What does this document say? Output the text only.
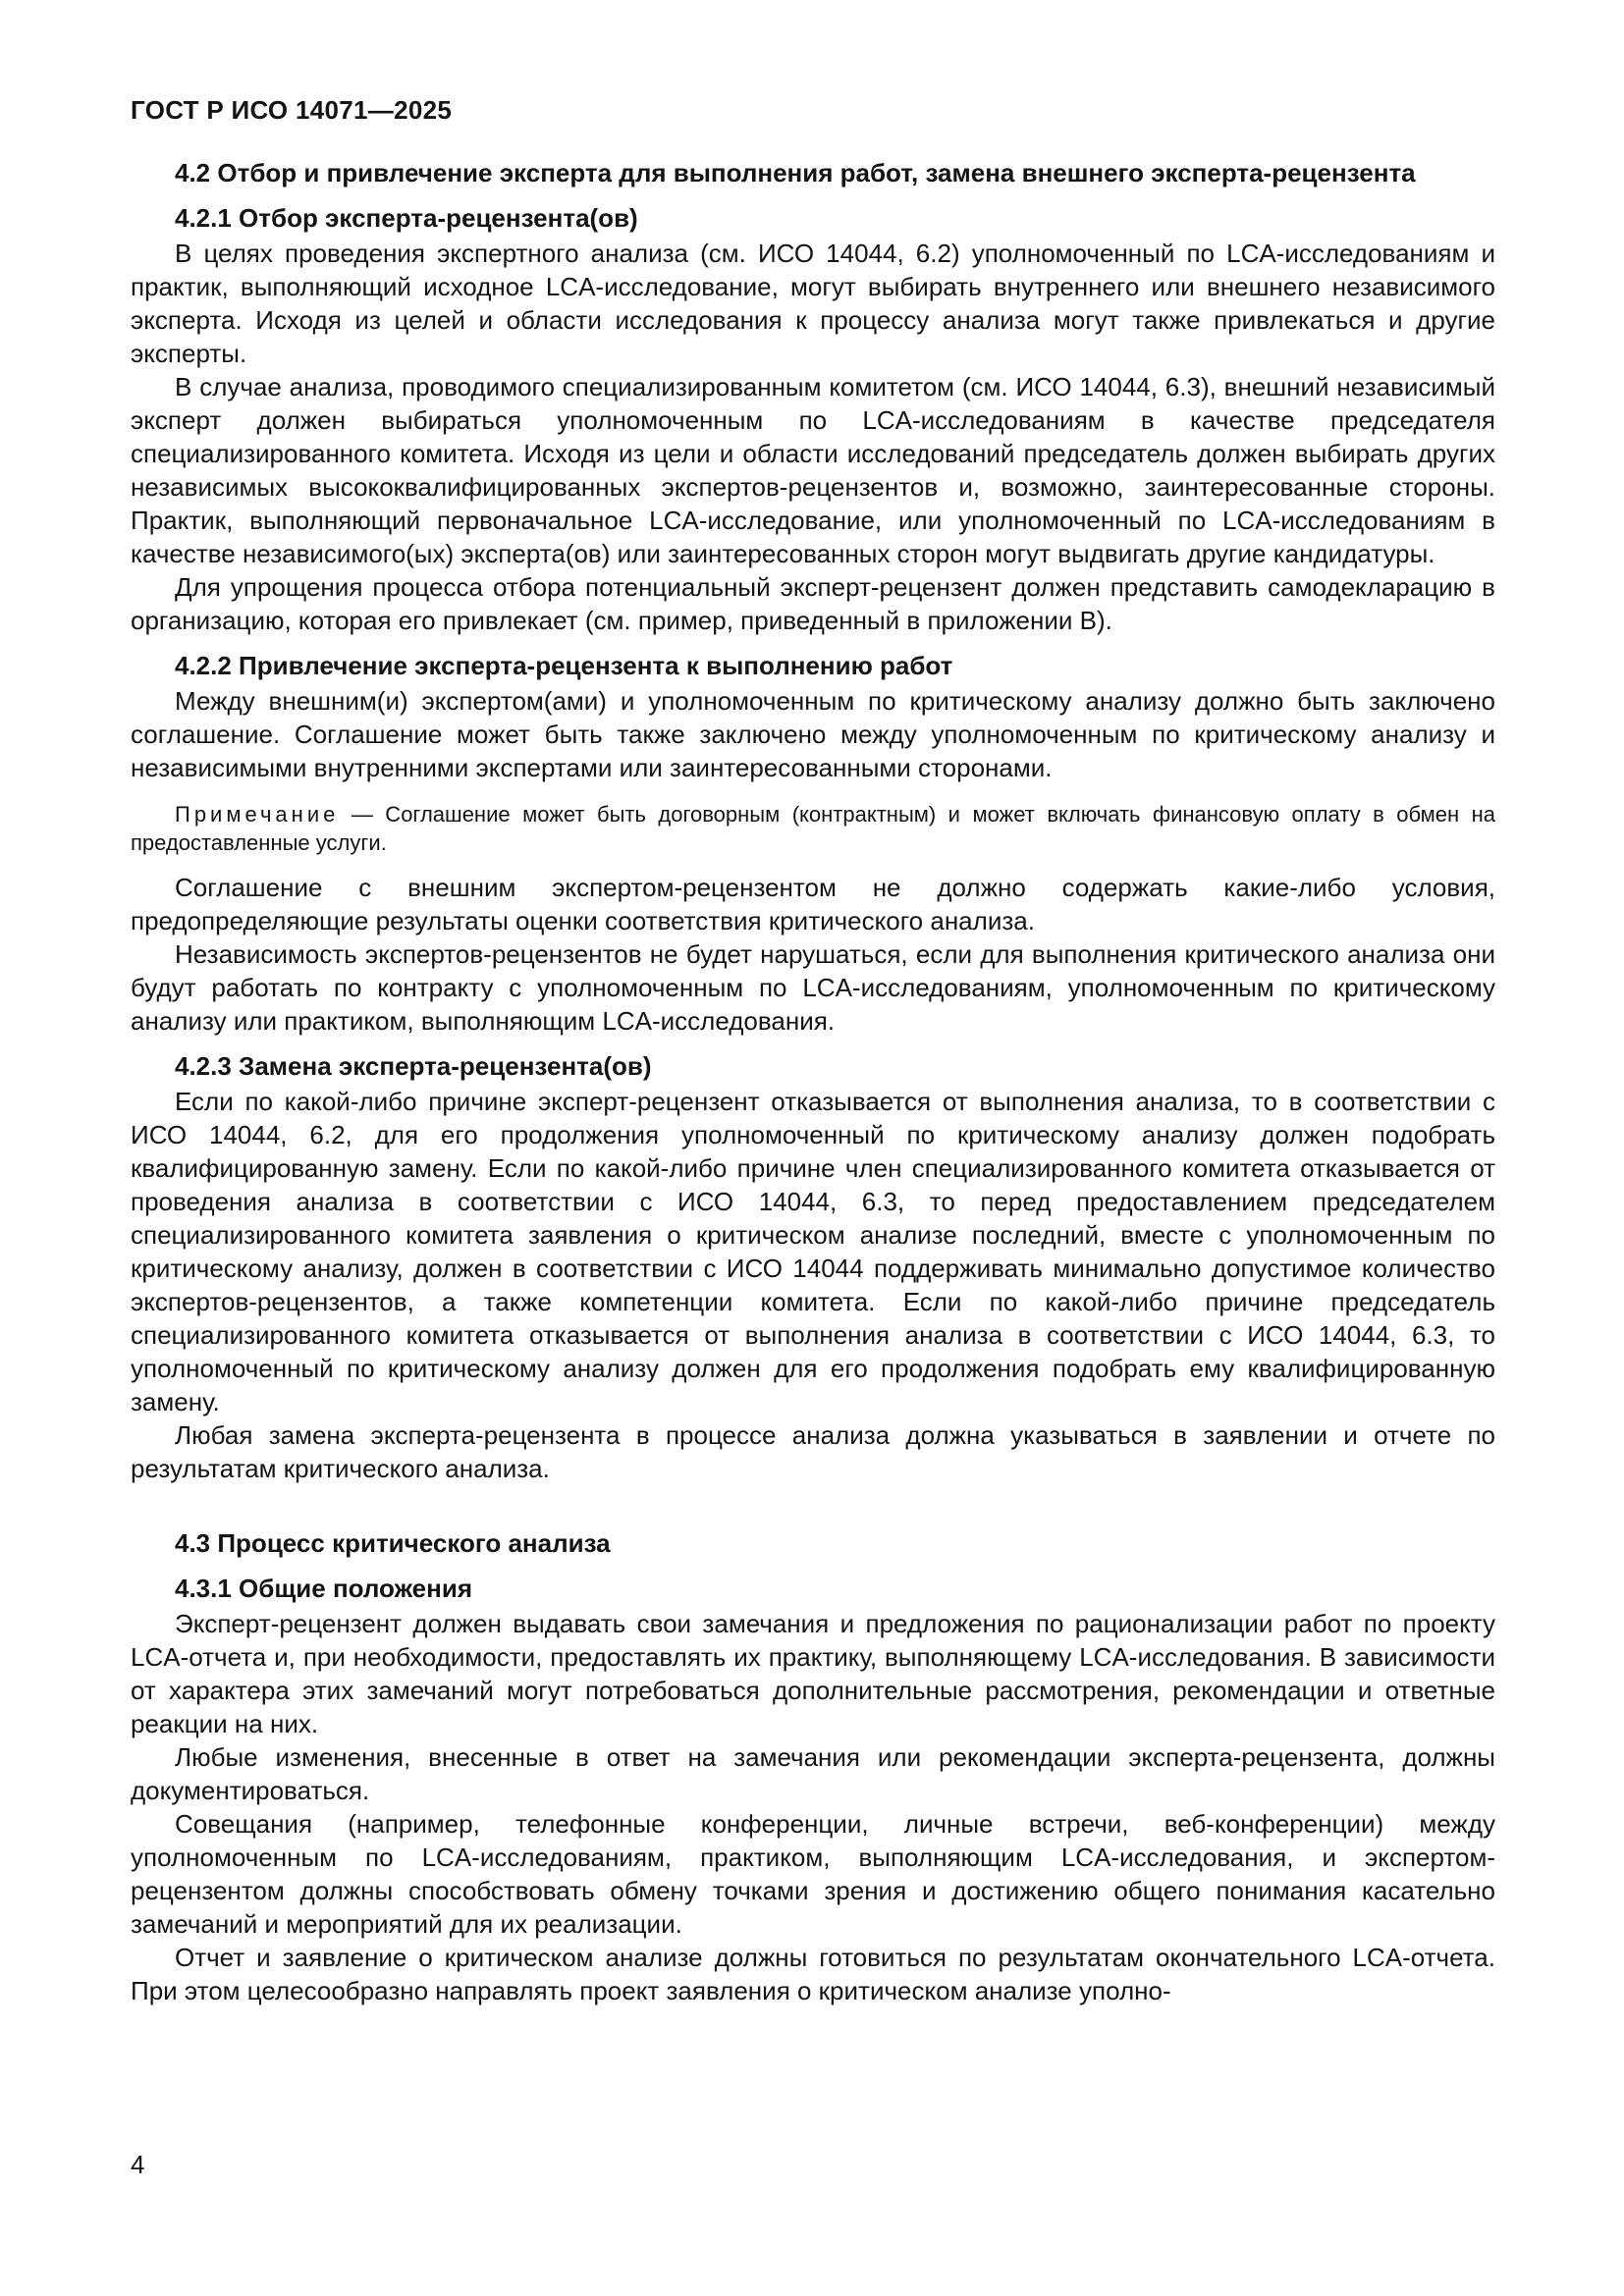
ГОСТ Р ИСО 14071—2025
4.2 Отбор и привлечение эксперта для выполнения работ, замена внешнего эксперта-рецензента
4.2.1 Отбор эксперта-рецензента(ов)

В целях проведения экспертного анализа (см. ИСО 14044, 6.2) уполномоченный по LCA-исследованиям и практик, выполняющий исходное LCA-исследование, могут выбирать внутреннего или внешнего независимого эксперта. Исходя из целей и области исследования к процессу анализа могут также привлекаться и другие эксперты.

В случае анализа, проводимого специализированным комитетом (см. ИСО 14044, 6.3), внешний независимый эксперт должен выбираться уполномоченным по LCA-исследованиям в качестве председателя специализированного комитета. Исходя из цели и области исследований председатель должен выбирать других независимых высококвалифицированных экспертов-рецензентов и, возможно, заинтересованные стороны. Практик, выполняющий первоначальное LCA-исследование, или уполномоченный по LCA-исследованиям в качестве независимого(ых) эксперта(ов) или заинтересованных сторон могут выдвигать другие кандидатуры.

Для упрощения процесса отбора потенциальный эксперт-рецензент должен представить самодекларацию в организацию, которая его привлекает (см. пример, приведенный в приложении B).

4.2.2 Привлечение эксперта-рецензента к выполнению работ

Между внешним(и) экспертом(ами) и уполномоченным по критическому анализу должно быть заключено соглашение. Соглашение может быть также заключено между уполномоченным по критическому анализу и независимыми внутренними экспертами или заинтересованными сторонами.

Примечание — Соглашение может быть договорным (контрактным) и может включать финансовую оплату в обмен на предоставленные услуги.

Соглашение с внешним экспертом-рецензентом не должно содержать какие-либо условия, предопределяющие результаты оценки соответствия критического анализа.

Независимость экспертов-рецензентов не будет нарушаться, если для выполнения критического анализа они будут работать по контракту с уполномоченным по LCA-исследованиям, уполномоченным по критическому анализу или практиком, выполняющим LCA-исследования.

4.2.3 Замена эксперта-рецензента(ов)

Если по какой-либо причине эксперт-рецензент отказывается от выполнения анализа, то в соответствии с ИСО 14044, 6.2, для его продолжения уполномоченный по критическому анализу должен подобрать квалифицированную замену. Если по какой-либо причине член специализированного комитета отказывается от проведения анализа в соответствии с ИСО 14044, 6.3, то перед предоставлением председателем специализированного комитета заявления о критическом анализе последний, вместе с уполномоченным по критическому анализу, должен в соответствии с ИСО 14044 поддерживать минимально допустимое количество экспертов-рецензентов, а также компетенции комитета. Если по какой-либо причине председатель специализированного комитета отказывается от выполнения анализа в соответствии с ИСО 14044, 6.3, то уполномоченный по критическому анализу должен для его продолжения подобрать ему квалифицированную замену.

Любая замена эксперта-рецензента в процессе анализа должна указываться в заявлении и отчете по результатам критического анализа.

4.3 Процесс критического анализа
4.3.1 Общие положения

Эксперт-рецензент должен выдавать свои замечания и предложения по рационализации работ по проекту LCA-отчета и, при необходимости, предоставлять их практику, выполняющему LCA-исследования. В зависимости от характера этих замечаний могут потребоваться дополнительные рассмотрения, рекомендации и ответные реакции на них.

Любые изменения, внесенные в ответ на замечания или рекомендации эксперта-рецензента, должны документироваться.

Совещания (например, телефонные конференции, личные встречи, веб-конференции) между уполномоченным по LCA-исследованиям, практиком, выполняющим LCA-исследования, и экспертом-рецензентом должны способствовать обмену точками зрения и достижению общего понимания касательно замечаний и мероприятий для их реализации.

Отчет и заявление о критическом анализе должны готовиться по результатам окончательного LCA-отчета. При этом целесообразно направлять проект заявления о критическом анализе уполно-

4
